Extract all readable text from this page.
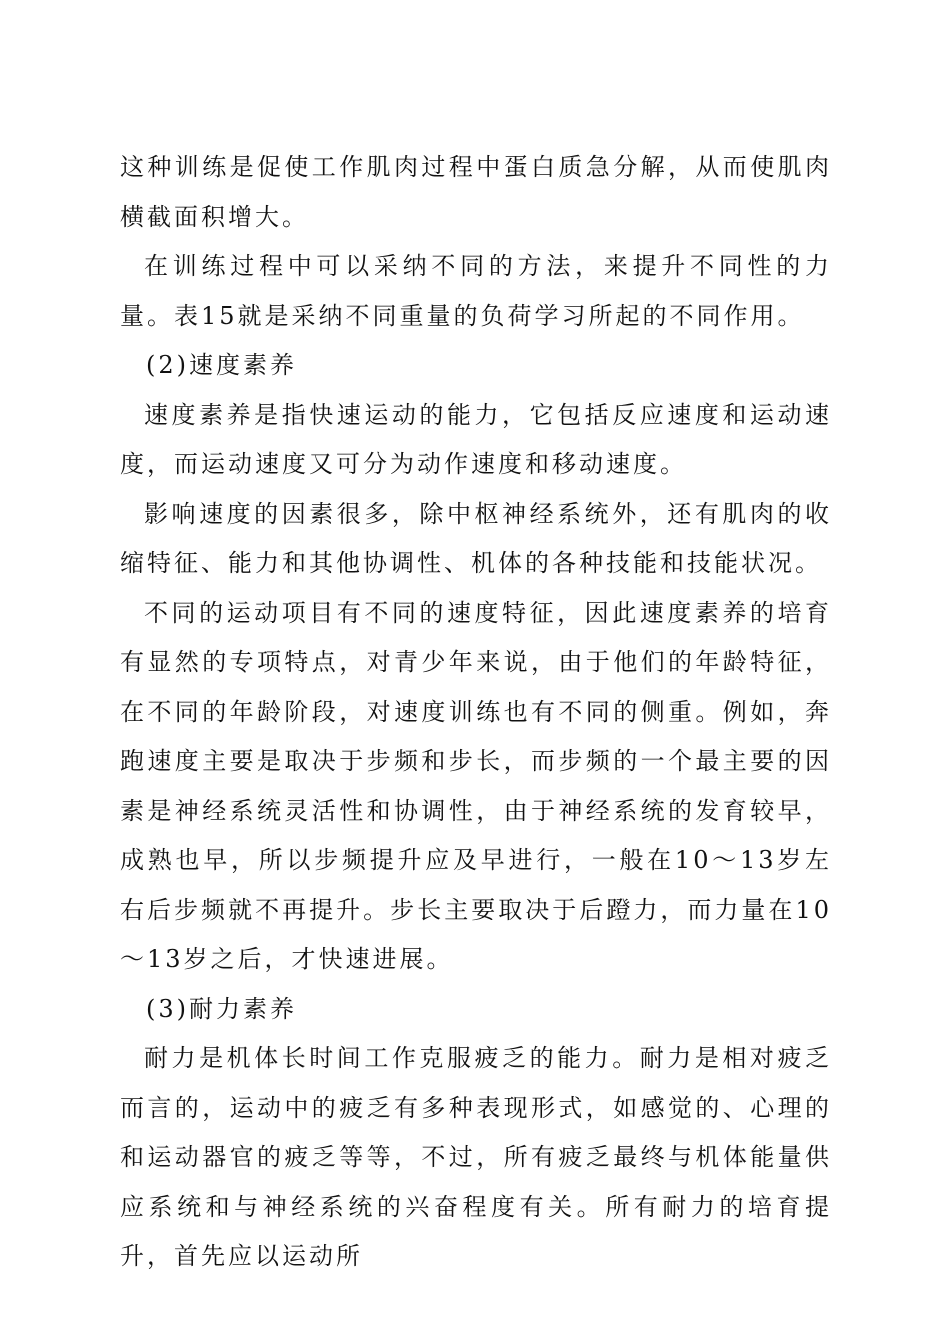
这种训练是促使工作肌肉过程中蛋白质急分解，从而使肌肉横截面积增大。

在训练过程中可以采纳不同的方法，来提升不同性的力量。表15就是采纳不同重量的负荷学习所起的不同作用。

(2)速度素养

速度素养是指快速运动的能力，它包括反应速度和运动速度，而运动速度又可分为动作速度和移动速度。

影响速度的因素很多，除中枢神经系统外，还有肌肉的收缩特征、能力和其他协调性、机体的各种技能和技能状况。

不同的运动项目有不同的速度特征，因此速度素养的培育有显然的专项特点，对青少年来说，由于他们的年龄特征，在不同的年龄阶段，对速度训练也有不同的侧重。例如，奔跑速度主要是取决于步频和步长，而步频的一个最主要的因素是神经系统灵活性和协调性，由于神经系统的发育较早，成熟也早，所以步频提升应及早进行，一般在10～13岁左右后步频就不再提升。步长主要取决于后蹬力，而力量在10～13岁之后，才快速进展。

(3)耐力素养

耐力是机体长时间工作克服疲乏的能力。耐力是相对疲乏而言的，运动中的疲乏有多种表现形式，如感觉的、心理的和运动器官的疲乏等等，不过，所有疲乏最终与机体能量供应系统和与神经系统的兴奋程度有关。所有耐力的培育提升，首先应以运动所
